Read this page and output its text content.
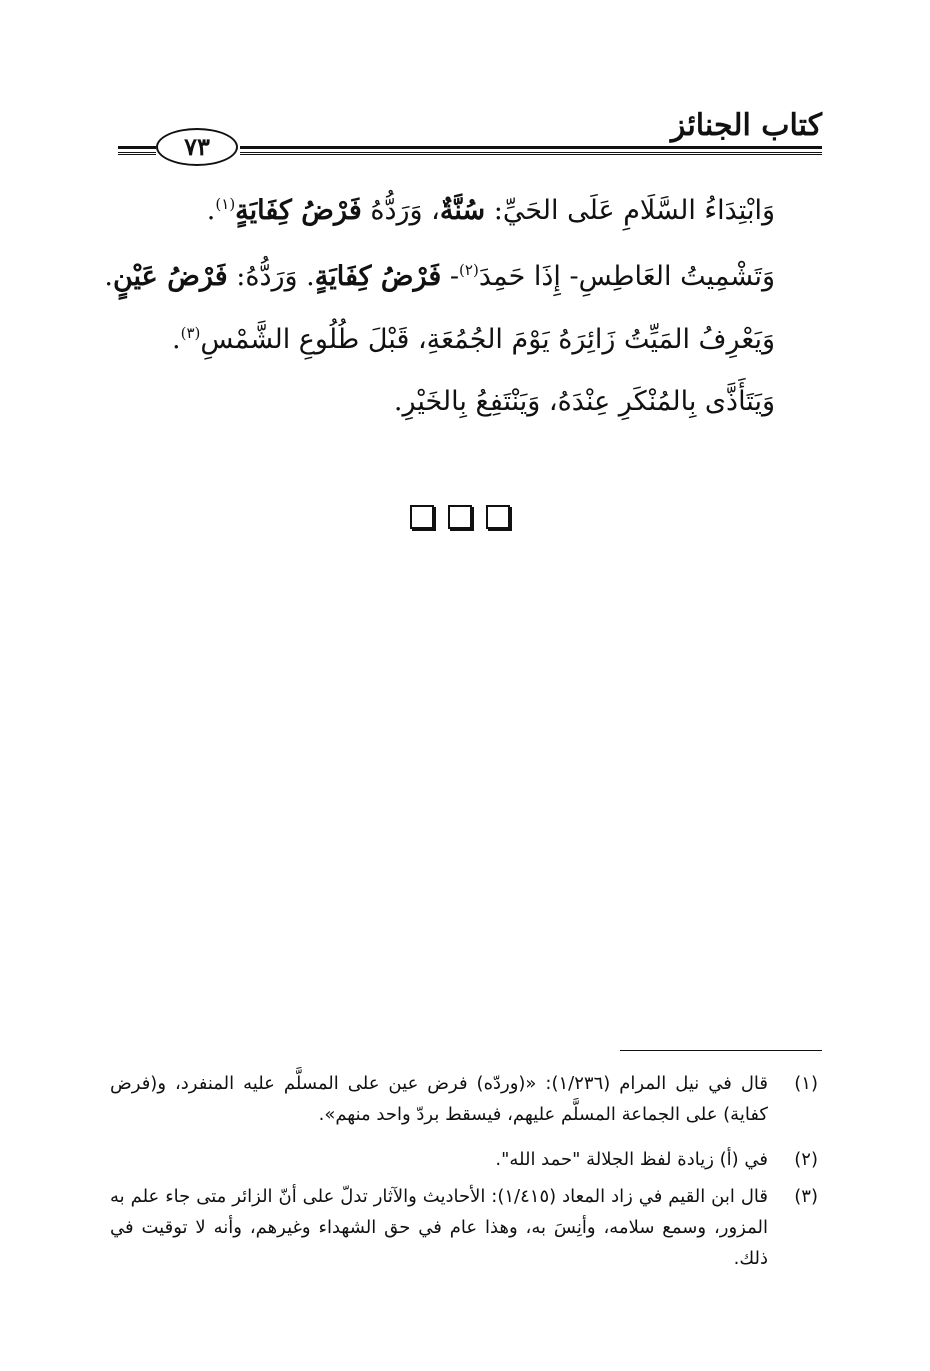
كتاب الجنائز
٧٣
وَابْتِدَاءُ السَّلَامِ عَلَى الحَيِّ: سُنَّةٌ، وَرَدُّهُ فَرْضُ كِفَايَةٍ$^{(١)}$.
وَتَشْمِيتُ العَاطِسِ- إِذَا حَمِدَ$^{(٢)}$- فَرْضُ كِفَايَةٍ. وَرَدُّهُ: فَرْضُ عَيْنٍ.
وَيَعْرِفُ المَيِّتُ زَائِرَهُ يَوْمَ الجُمُعَةِ، قَبْلَ طُلُوعِ الشَّمْسِ$^{(٣)}$.
وَيَتَأَذَّى بِالمُنْكَرِ عِنْدَهُ، وَيَنْتَفِعُ بِالخَيْرِ.
(١)
قال في نيل المرام (١/٢٣٦): «(وردّه) فرض عين على المسلَّم عليه المنفرد، و(فرض كفاية) على الجماعة المسلَّم عليهم، فيسقط بردّ واحد منهم».
(٢)
في (أ) زيادة لفظ الجلالة "حمد الله".
(٣)
قال ابن القيم في زاد المعاد (١/٤١٥): الأحاديث والآثار تدلّ على أنّ الزائر متى جاء علم به المزور، وسمع سلامه، وأنِسَ به، وهذا عام في حق الشهداء وغيرهم، وأنه لا توقيت في ذلك.
